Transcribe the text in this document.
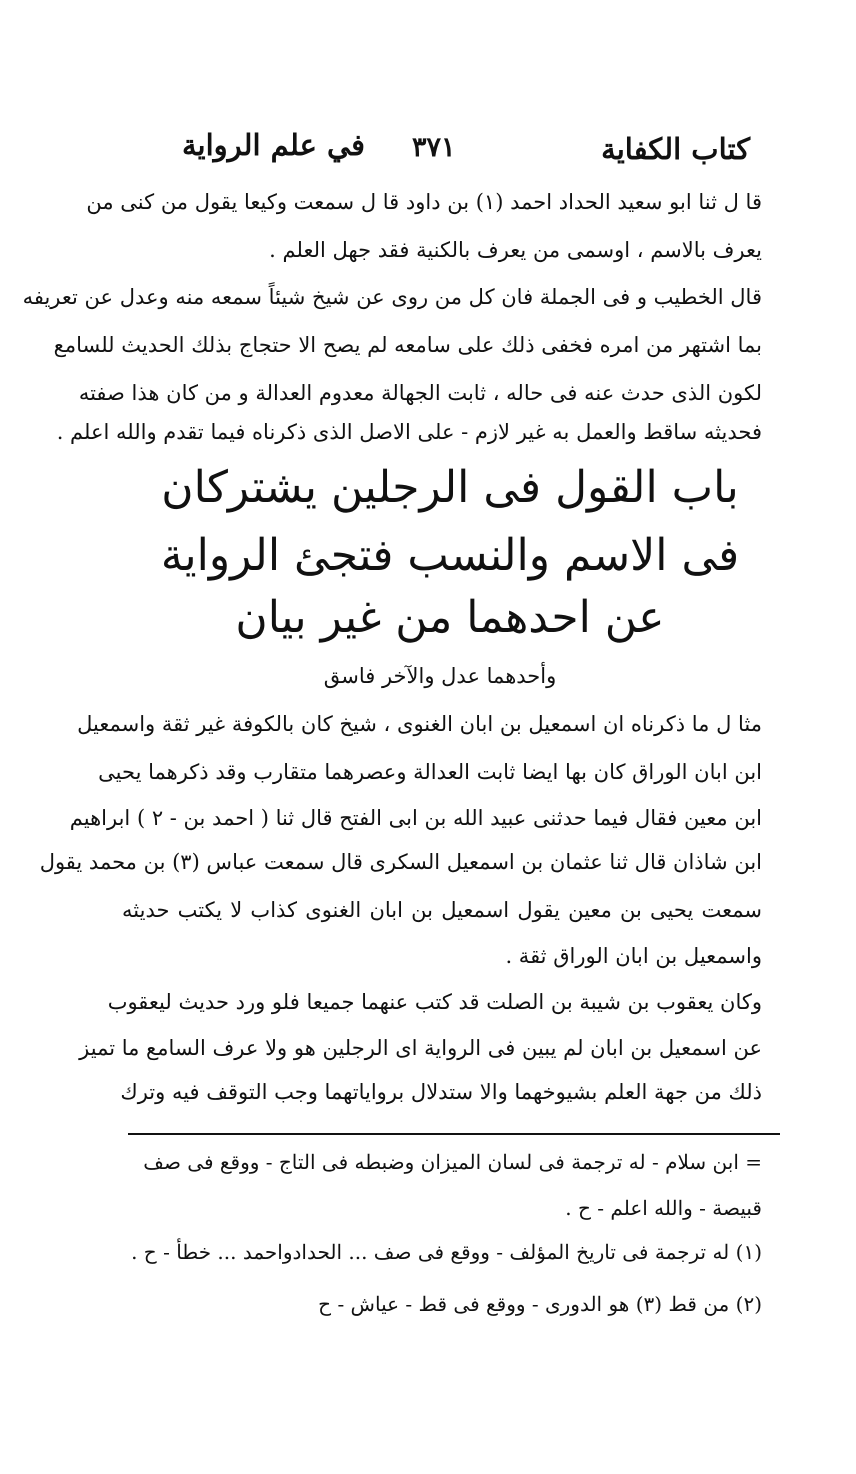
كتاب الكفاية
٣٧١
في علم الرواية
قا ل ثنا ابو سعيد الحداد احمد (١) بن داود قا ل سمعت وكيعا يقول من كنى من
يعرف بالاسم ، اوسمى من يعرف بالكنية فقد جهل العلم .
قال الخطيب و فى الجملة فان كل من روى عن شيخ شيئاً سمعه منه وعدل عن تعريفه
بما اشتهر من امره فخفى ذلك على سامعه لم يصح الا حتجاج بذلك الحديث للسامع
لكون الذى حدث عنه فى حاله ، ثابت الجهالة معدوم العدالة و من كان هذا صفته
فحديثه ساقط والعمل به غير لازم - على الاصل الذى ذكرناه فيما تقدم والله اعلم .
باب القول فى الرجلين يشتركان
فى الاسم والنسب فتجئ الرواية
عن احدهما من غير بيان
وأحدهما عدل والآخر فاسق
مثا ل ما ذكرناه ان اسمعيل بن ابان الغنوى ، شيخ كان بالكوفة غير ثقة واسمعيل
ابن ابان الوراق كان بها ايضا ثابت العدالة وعصرهما متقارب وقد ذكرهما يحيى
ابن معين فقال فيما حدثنى عبيد الله بن ابى الفتح قال ثنا ( احمد بن - ٢ ) ابراهيم
ابن شاذان قال ثنا عثمان بن اسمعيل السكرى قال سمعت عباس (٣) بن محمد يقول
سمعت يحيى بن معين يقول اسمعيل بن ابان الغنوى كذاب لا يكتب حديثه
واسمعيل بن ابان الوراق ثقة .
وكان يعقوب بن شيبة بن الصلت قد كتب عنهما جميعا فلو ورد حديث ليعقوب
عن اسمعيل بن ابان لم يبين فى الرواية اى الرجلين هو ولا عرف السامع ما تميز
ذلك من جهة العلم بشيوخهما والا ستدلال برواياتهما وجب التوقف فيه وترك
= ابن سلام - له ترجمة فى لسان الميزان وضبطه فى التاج - ووقع فى صف
قبيصة - والله اعلم - ح .
(١) له ترجمة فى تاريخ المؤلف - ووقع فى صف ... الحدادواحمد ... خطأ - ح .
(٢) من قط (٣) هو الدورى - ووقع فى قط - عياش - ح
